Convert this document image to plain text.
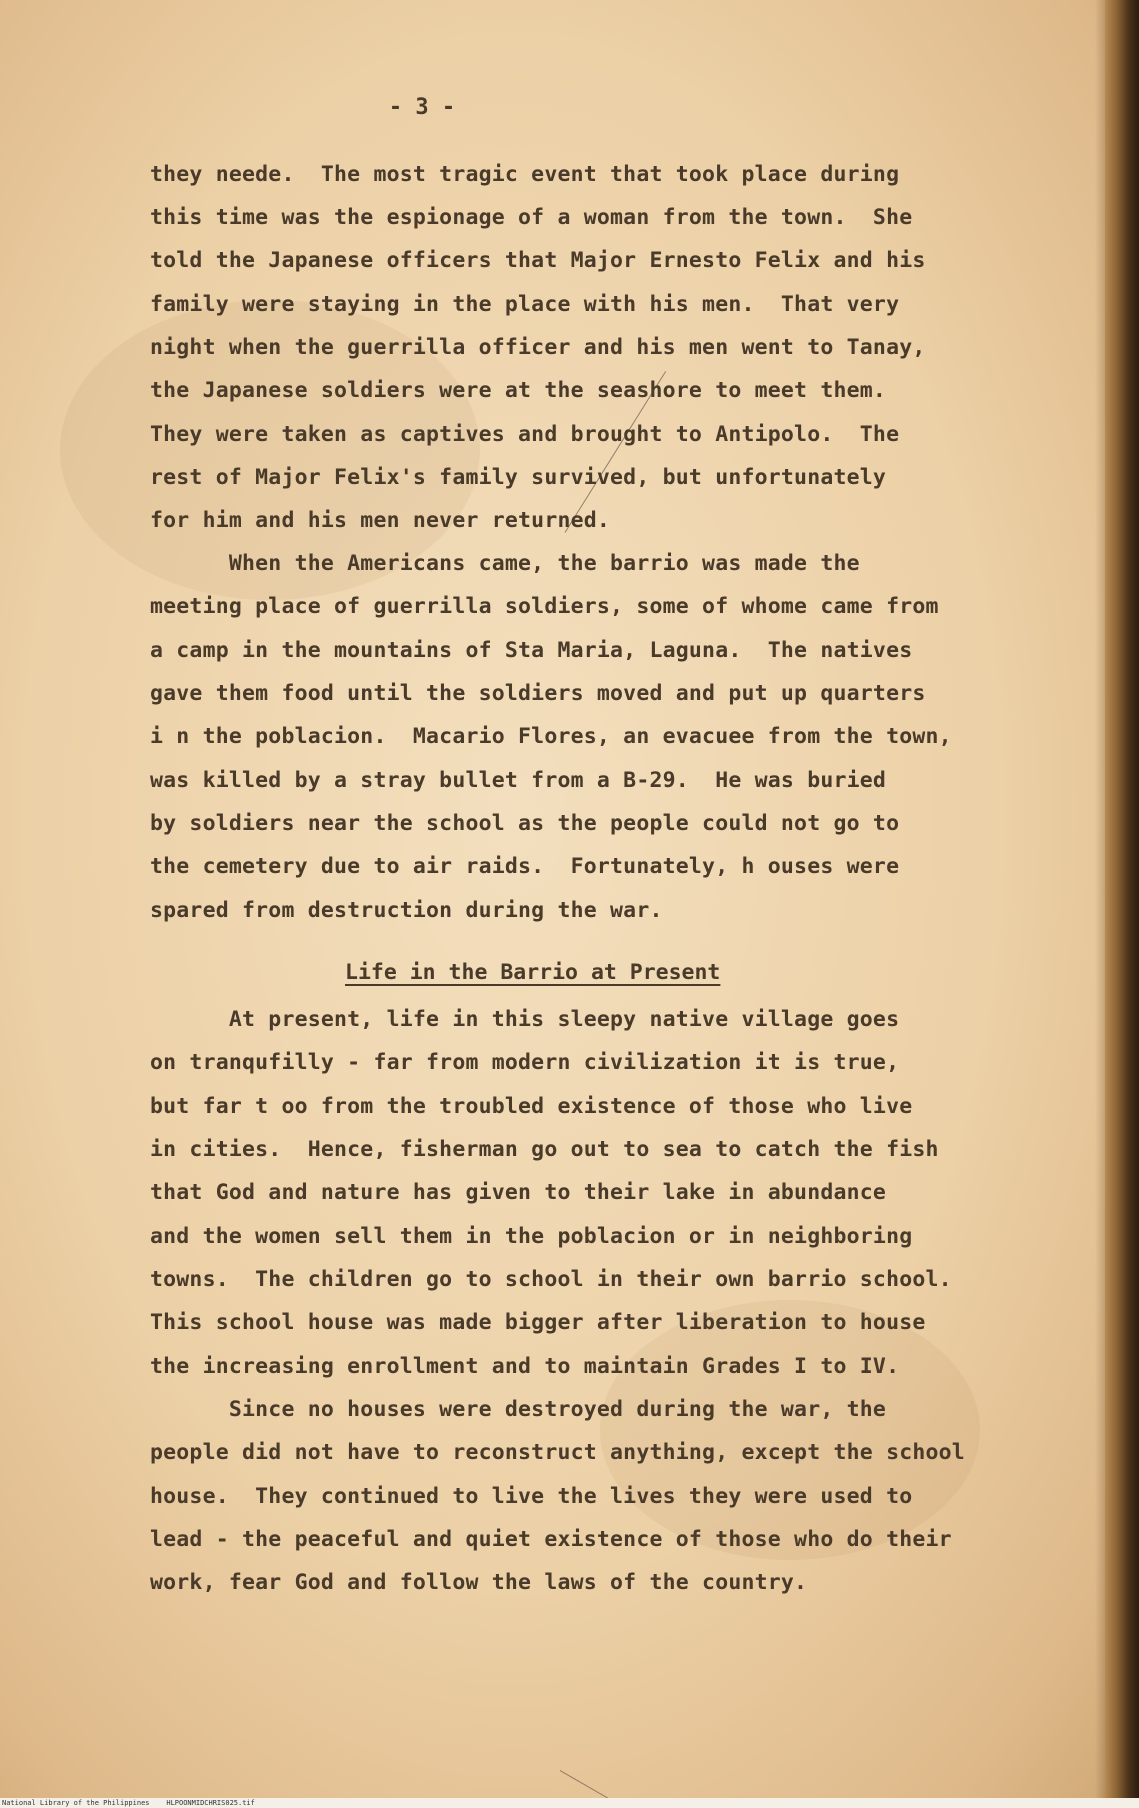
- 3 -

they neede.  The most tragic event that took place during

this time was the espionage of a woman from the town.  She

told the Japanese officers that Major Ernesto Felix and his

family were staying in the place with his men.  That very

night when the guerrilla officer and his men went to Tanay,

the Japanese soldiers were at the seashore to meet them.

They were taken as captives and brought to Antipolo.  The

rest of Major Felix's family survived, but unfortunately

for him and his men never returned.

When the Americans came, the barrio was made the

meeting place of guerrilla soldiers, some of whome came from

a camp in the mountains of Sta Maria, Laguna.  The natives

gave them food until the soldiers moved and put up quarters

i n the poblacion.  Macario Flores, an evacuee from the town,

was killed by a stray bullet from a B-29.  He was buried

by soldiers near the school as the people could not go to

the cemetery due to air raids.  Fortunately, h ouses were

spared from destruction during the war.

Life in the Barrio at Present

At present, life in this sleepy native village goes

on tranqufilly - far from modern civilization it is true,

but far t oo from the troubled existence of those who live

in cities.  Hence, fisherman go out to sea to catch the fish

that God and nature has given to their lake in abundance

and the women sell them in the poblacion or in neighboring

towns.  The children go to school in their own barrio school.

This school house was made bigger after liberation to house

the increasing enrollment and to maintain Grades I to IV.

Since no houses were destroyed during the war, the

people did not have to reconstruct anything, except the school

house.  They continued to live the lives they were used to

lead - the peaceful and quiet existence of those who do their

work, fear God and follow the laws of the country.

National Library of the Philippines    HLPOONMIDCHRIS025.tif
